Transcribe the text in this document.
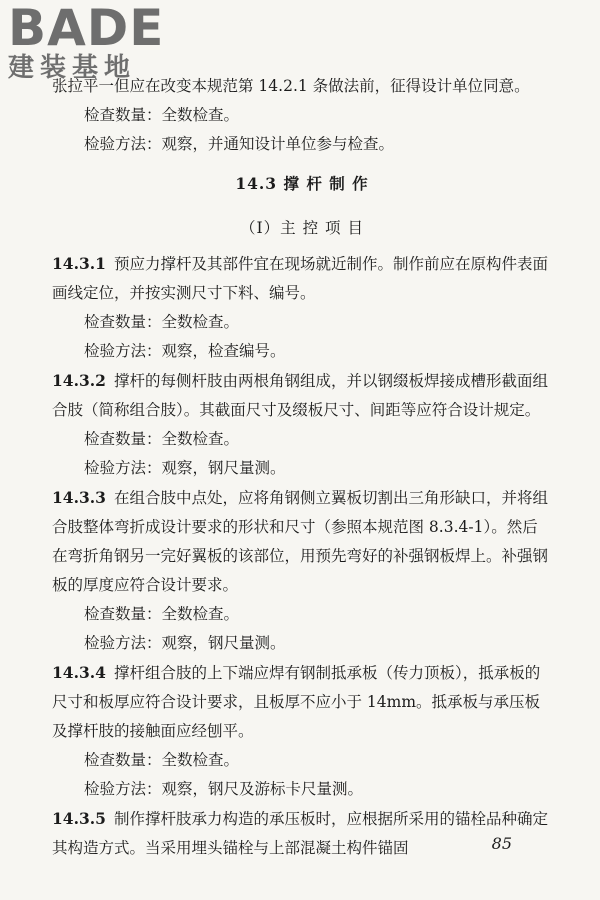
BADE
建装基地

张拉平一但应在改变本规范第 14.2.1 条做法前，征得设计单位同意。

检查数量：全数检查。

检验方法：观察，并通知设计单位参与检查。

14.3 撑 杆 制 作

（Ⅰ）主 控 项 目

14.3.1 预应力撑杆及其部件宜在现场就近制作。制作前应在原构件表面画线定位，并按实测尺寸下料、编号。

检查数量：全数检查。

检验方法：观察，检查编号。

14.3.2 撑杆的每侧杆肢由两根角钢组成，并以钢缀板焊接成槽形截面组合肢（简称组合肢）。其截面尺寸及缀板尺寸、间距等应符合设计规定。

检查数量：全数检查。

检验方法：观察，钢尺量测。

14.3.3 在组合肢中点处，应将角钢侧立翼板切割出三角形缺口，并将组合肢整体弯折成设计要求的形状和尺寸（参照本规范图 8.3.4-1）。然后在弯折角钢另一完好翼板的该部位，用预先弯好的补强钢板焊上。补强钢板的厚度应符合设计要求。

检查数量：全数检查。

检验方法：观察，钢尺量测。

14.3.4 撑杆组合肢的上下端应焊有钢制抵承板（传力顶板），抵承板的尺寸和板厚应符合设计要求，且板厚不应小于 14mm。抵承板与承压板及撑杆肢的接触面应经刨平。

检查数量：全数检查。

检验方法：观察，钢尺及游标卡尺量测。

14.3.5 制作撑杆肢承力构造的承压板时，应根据所采用的锚栓品种确定其构造方式。当采用埋头锚栓与上部混凝土构件锚固	85
